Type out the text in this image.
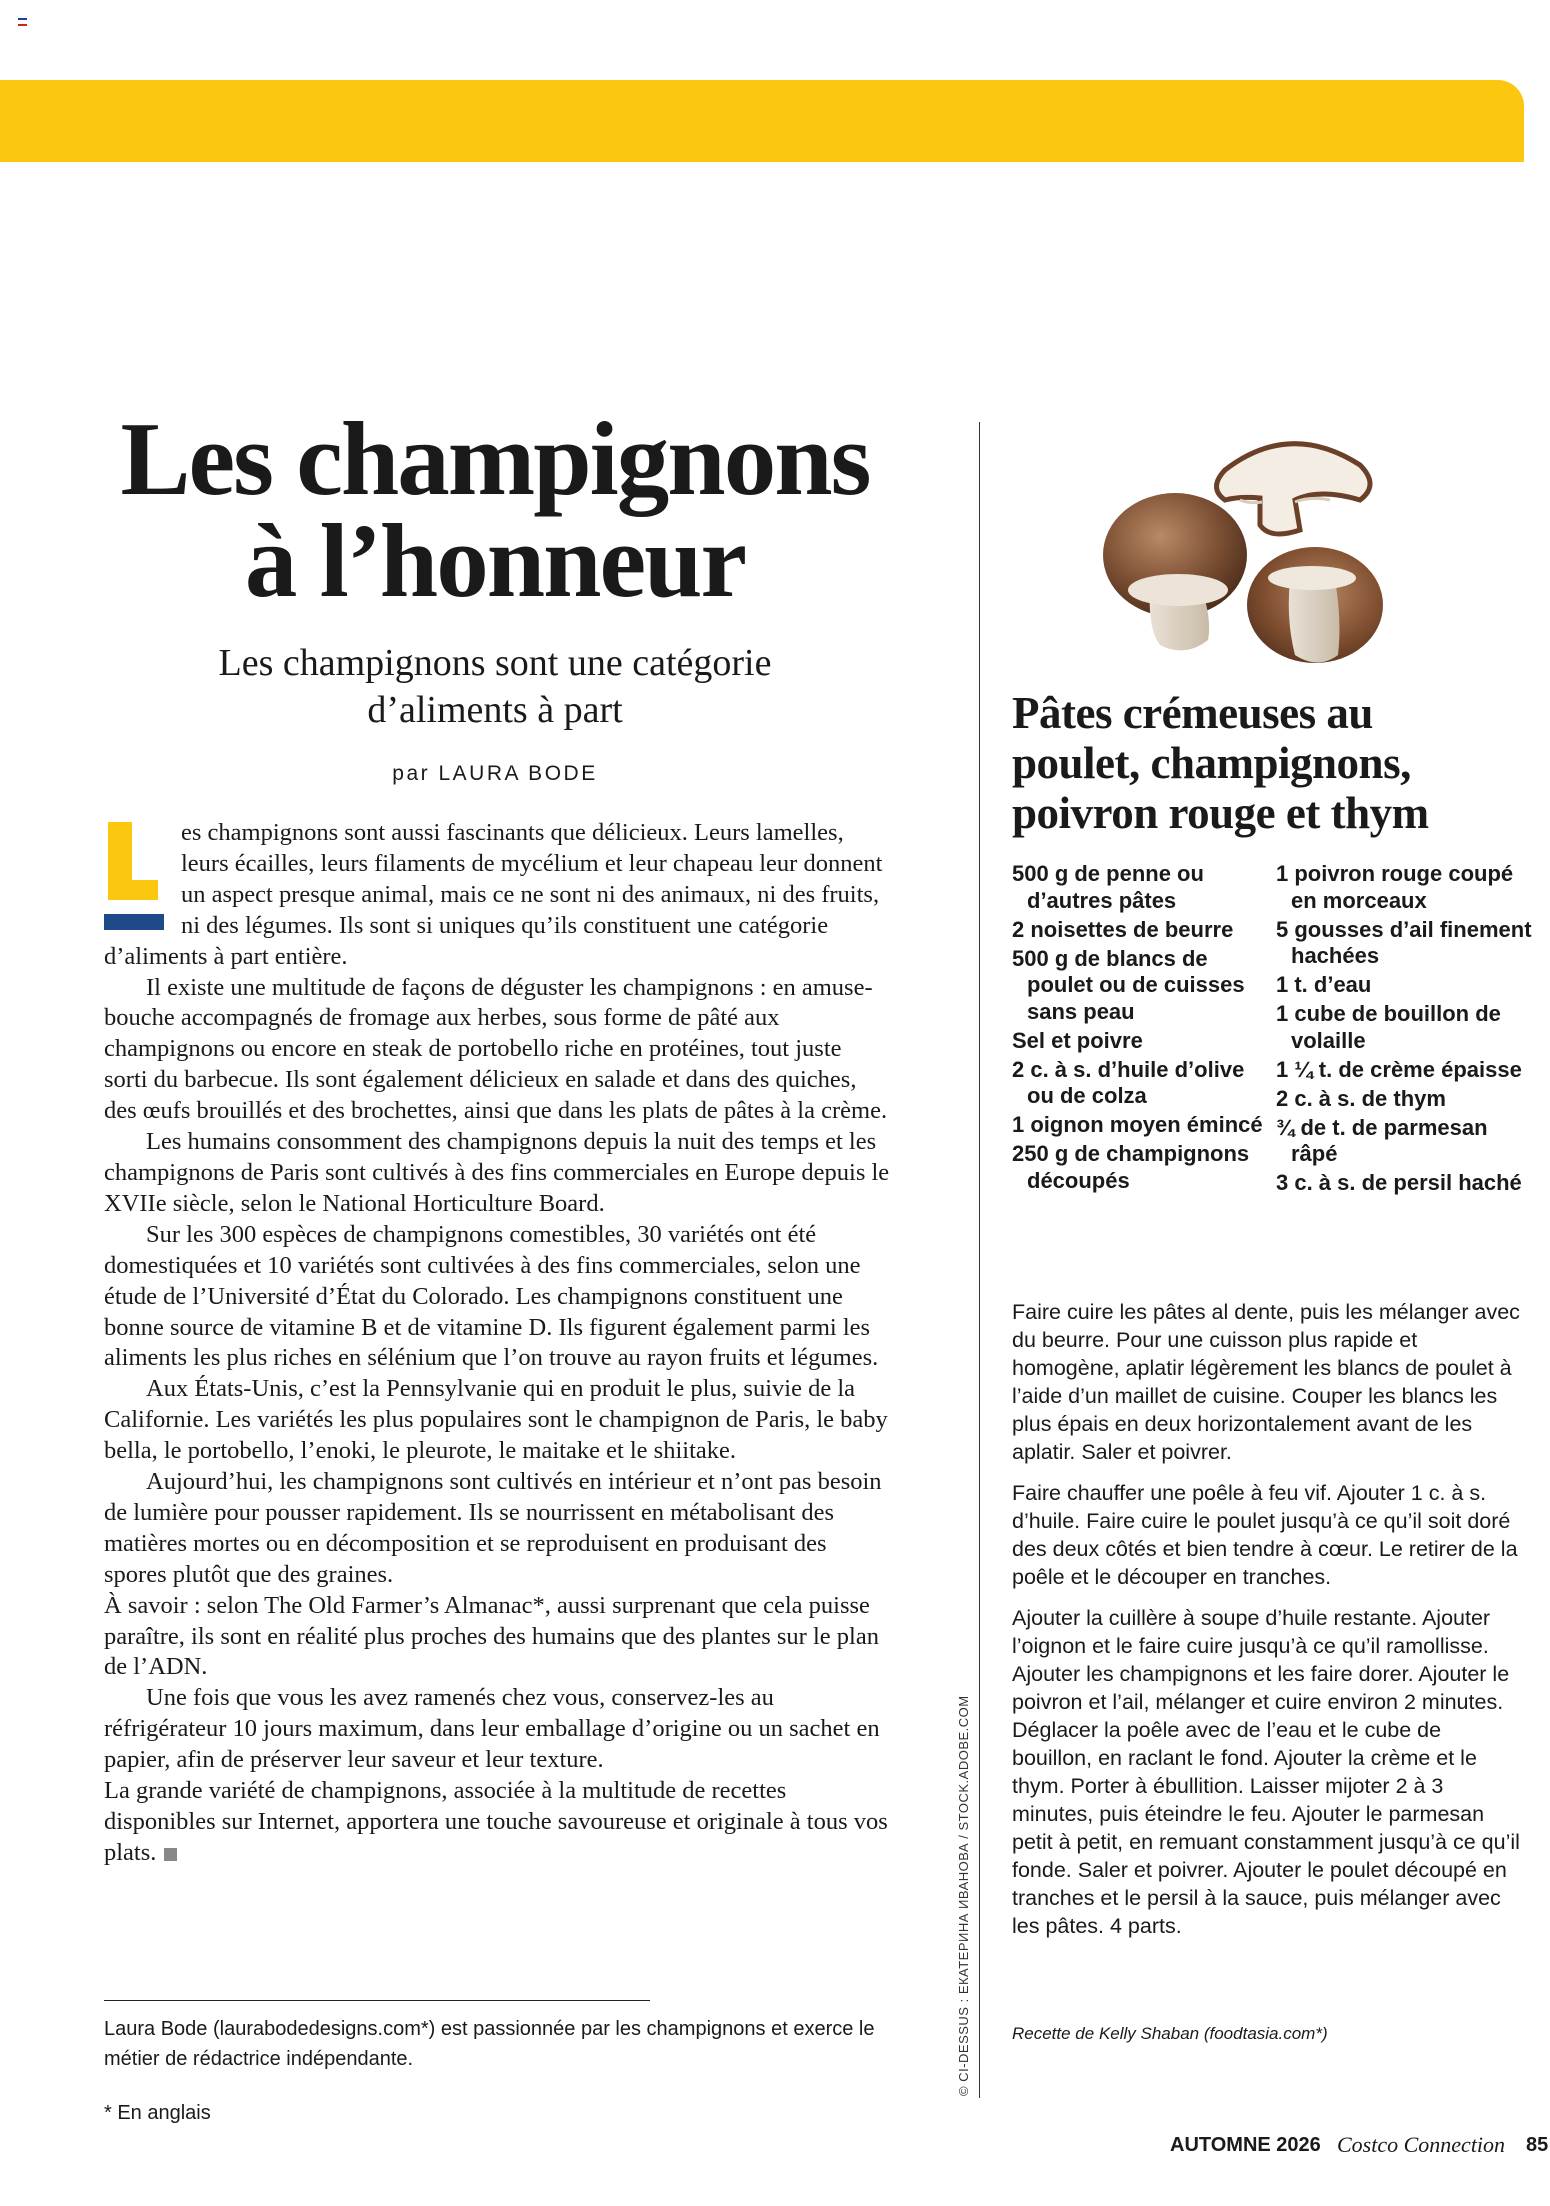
Les champignons
à l’honneur

Les champignons sont une catégorie
d’aliments à part

par LAURA BODE

es champignons sont aussi fascinants que délicieux. Leurs lamelles, leurs écailles, leurs filaments de mycélium et leur chapeau leur donnent un aspect presque animal, mais ce ne sont ni des animaux, ni des fruits, ni des légumes. Ils sont si uniques qu’ils constituent une catégorie d’aliments à part entière.

Il existe une multitude de façons de déguster les champignons : en amuse-bouche accompagnés de fromage aux herbes, sous forme de pâté aux champignons ou encore en steak de portobello riche en protéines, tout juste sorti du barbecue. Ils sont également délicieux en salade et dans des quiches, des œufs brouillés et des brochettes, ainsi que dans les plats de pâtes à la crème.

Les humains consomment des champignons depuis la nuit des temps et les champignons de Paris sont cultivés à des fins commerciales en Europe depuis le XVIIe siècle, selon le National Horticulture Board.

Sur les 300 espèces de champignons comestibles, 30 variétés ont été domestiquées et 10 variétés sont cultivées à des fins commerciales, selon une étude de l’Université d’État du Colorado. Les champignons constituent une bonne source de vitamine B et de vitamine D. Ils figurent également parmi les aliments les plus riches en sélénium que l’on trouve au rayon fruits et légumes.

Aux États-Unis, c’est la Pennsylvanie qui en produit le plus, suivie de la Californie. Les variétés les plus populaires sont le champignon de Paris, le baby bella, le portobello, l’enoki, le pleurote, le maitake et le shiitake.

Aujourd’hui, les champignons sont cultivés en intérieur et n’ont pas besoin de lumière pour pousser rapidement. Ils se nourrissent en métabolisant des matières mortes ou en décomposition et se reproduisent en produisant des spores plutôt que des graines.

À savoir : selon The Old Farmer’s Almanac*, aussi surprenant que cela puisse paraître, ils sont en réalité plus proches des humains que des plantes sur le plan de l’ADN.

Une fois que vous les avez ramenés chez vous, conservez-les au réfrigérateur 10 jours maximum, dans leur emballage d’origine ou un sachet en papier, afin de préserver leur saveur et leur texture.

La grande variété de champignons, associée à la multitude de recettes disponibles sur Internet, apportera une touche savoureuse et originale à tous vos plats.

Laura Bode (laurabodedesigns.com*) est passionnée par les champignons et exerce le métier de rédactrice indépendante.
* En anglais
© CI-DESSUS : ЕКАТЕРИНА ИВАНОВА / STOCK.ADOBE.COM
Pâtes crémeuses au
poulet, champignons,
poivron rouge et thym
500 g de penne ou d’autres pâtes
2 noisettes de beurre
500 g de blancs de poulet ou de cuisses sans peau
Sel et poivre
2 c. à s. d’huile d’olive ou de colza
1 oignon moyen émincé
250 g de champignons découpés
1 poivron rouge coupé en morceaux
5 gousses d’ail finement hachées
1 t. d’eau
1 cube de bouillon de volaille
1 ¼ t. de crème épaisse
2 c. à s. de thym
¾ de t. de parmesan râpé
3 c. à s. de persil haché

Faire cuire les pâtes al dente, puis les mélanger avec du beurre. Pour une cuisson plus rapide et homogène, aplatir légèrement les blancs de poulet à l’aide d’un maillet de cuisine. Couper les blancs les plus épais en deux horizontalement avant de les aplatir. Saler et poivrer.

Faire chauffer une poêle à feu vif. Ajouter 1 c. à s. d’huile. Faire cuire le poulet jusqu’à ce qu’il soit doré des deux côtés et bien tendre à cœur. Le retirer de la poêle et le découper en tranches.

Ajouter la cuillère à soupe d’huile restante. Ajouter l’oignon et le faire cuire jusqu’à ce qu’il ramollisse. Ajouter les champignons et les faire dorer. Ajouter le poivron et l’ail, mélanger et cuire environ 2 minutes. Déglacer la poêle avec de l’eau et le cube de bouillon, en raclant le fond. Ajouter la crème et le thym. Porter à ébullition. Laisser mijoter 2 à 3 minutes, puis éteindre le feu. Ajouter le parmesan petit à petit, en remuant constamment jusqu’à ce qu’il fonde. Saler et poivrer. Ajouter le poulet découpé en tranches et le persil à la sauce, puis mélanger avec les pâtes. 4 parts.

Recette de Kelly Shaban (foodtasia.com*)
AUTOMNE 2026 Costco Connection 85
